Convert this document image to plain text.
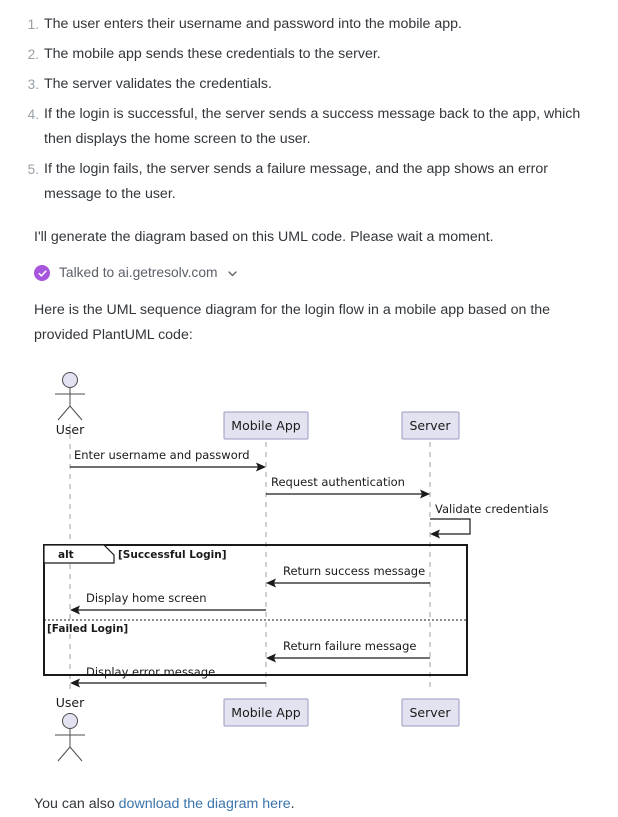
The user enters their username and password into the mobile app.
The mobile app sends these credentials to the server.
The server validates the credentials.
If the login is successful, the server sends a success message back to the app, which then displays the home screen to the user.
If the login fails, the server sends a failure message, and the app shows an error message to the user.

I'll generate the diagram based on this UML code. Please wait a moment.

Talked to ai.getresolv.com

Here is the UML sequence diagram for the login flow in a mobile app based on the provided PlantUML code:

User	Mobile App	Server
Enter username and password
Request authentication
Validate credentials
alt	[Successful Login]
Return success message
Display home screen
[Failed Login]
Return failure message
Display error message
User
Mobile App	Server

You can also download the diagram here.
